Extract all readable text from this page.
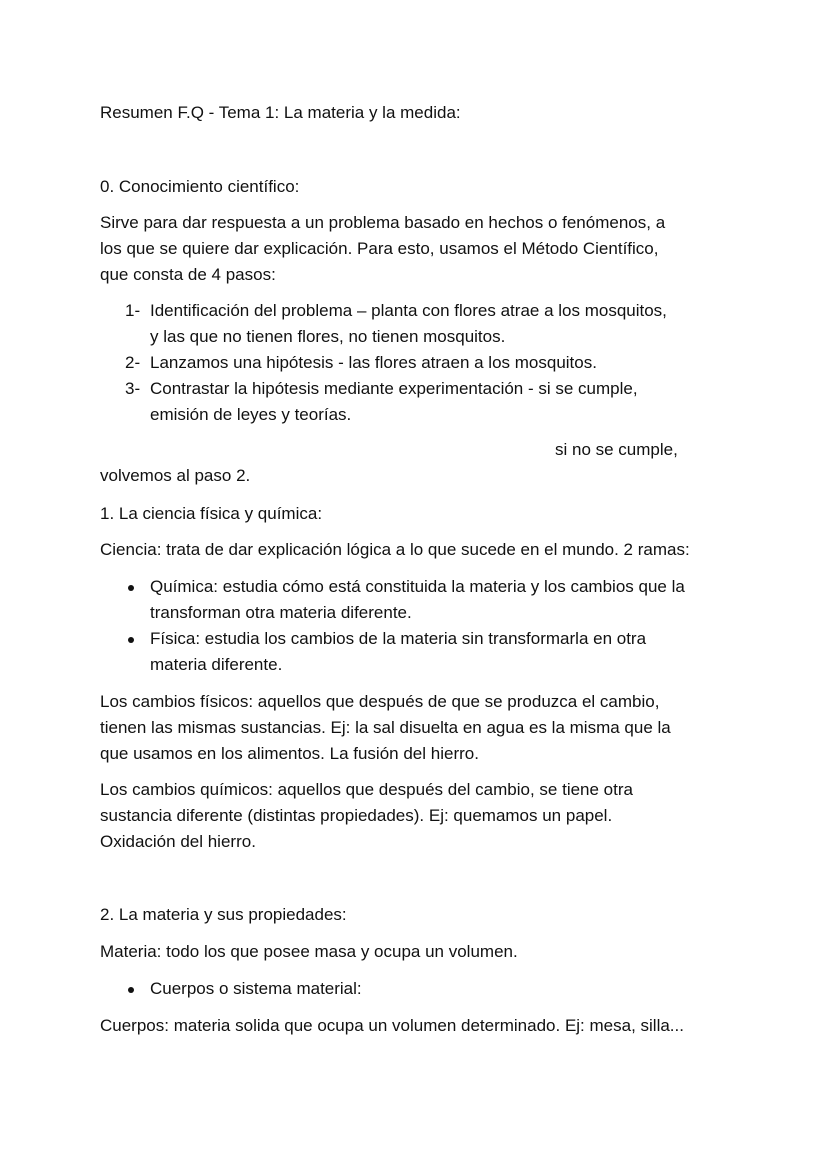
Resumen F.Q - Tema 1: La materia y la medida:
0. Conocimiento científico:
Sirve para dar respuesta a un problema basado en hechos o fenómenos, a
los que se quiere dar explicación. Para esto, usamos el Método Científico,
que consta de 4 pasos:
1- Identificación del problema – planta con flores atrae a los mosquitos,
y las que no tienen flores, no tienen mosquitos.
2- Lanzamos una hipótesis - las flores atraen a los mosquitos.
3- Contrastar la hipótesis mediante experimentación - si se cumple,
emisión de leyes y teorías.
si no se cumple,
volvemos al paso 2.
1. La ciencia física y química:
Ciencia: trata de dar explicación lógica a lo que sucede en el mundo. 2 ramas:
Química: estudia cómo está constituida la materia y los cambios que la
transforman otra materia diferente.
Física: estudia los cambios de la materia sin transformarla en otra
materia diferente.
Los cambios físicos: aquellos que después de que se produzca el cambio,
tienen las mismas sustancias. Ej: la sal disuelta en agua es la misma que la
que usamos en los alimentos. La fusión del hierro.
Los cambios químicos: aquellos que después del cambio, se tiene otra
sustancia diferente (distintas propiedades). Ej: quemamos un papel.
Oxidación del hierro.
2. La materia y sus propiedades:
Materia: todo los que posee masa y ocupa un volumen.
Cuerpos o sistema material:
Cuerpos: materia solida que ocupa un volumen determinado. Ej: mesa, silla...
